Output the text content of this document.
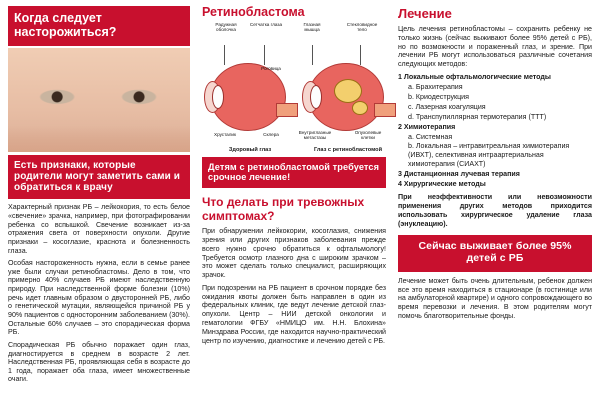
Когда следует насторожиться?
Есть признаки, которые родители могут заметить сами и обратиться к врачу

Характерный признак РБ – лейкокория, то есть белое «свечение» зрачка, например, при фотографировании ребенка со вспышкой. Свечение возникает из-за отражения света от поверхности опухоли. Другие признаки – косоглазие, краснота и болезненность глаза.

Особая настороженность нужна, если в семье ранее уже были случаи ретинобластомы. Дело в том, что примерно 40% случаев РБ имеют наследственную природу. При наследственной форме болезни (10%) речь идет главным образом о двусторонней РБ, либо о генетической мутации, являющейся причиной РБ у 90% пациентов с односторонним заболеванием (30%). Остальные 60% случаев – это спорадическая форма РБ.

Спорадическая РБ обычно поражает один глаз, диагностируется в среднем в возрасте 2 лет. Наследственная РБ, проявляющая себя в возрасте до 1 года, поражает оба глаза, имеет множественные очаги.

Ретинобластома
Радужная оболочка
Сетчатка глаза	Глазная мышца
Стекловидное тело
Роговица
Хрусталик	Склера	Внутриглазные метастазы
Опухолевые клетки
Здоровый глаз	Глаз с ретинобластомой
Детям с ретинобластомой требуется срочное лечение!
Что делать при тревожных симптомах?

При обнаружении лейкокории, косоглазия, снижения зрения или других признаков заболевания прежде всего нужно срочно обратиться к офтальмологу! Требуется осмотр глазного дна с широким зрачком – это может сделать только специалист, расширяющих зрачок.

При подозрении на РБ пациент в срочном порядке без ожидания квоты должен быть направлен в один из федеральных клиник, где ведут лечение детской глаз-опухоли. Центр – НИИ детской онкологии и гематологии ФГБУ «НМИЦО им. Н.Н. Блохина» Минздрава России, где находится научно-практический центр по изучению, диагностике и лечению детей с РБ.

Лечение

Цель лечения ретинобластомы – сохранить ребенку не только жизнь (сейчас выживают более 95% детей с РБ), но по возможности и пораженный глаз, и зрение. При лечении РБ могут использоваться различные сочетания следующих методов:

1 Локальные офтальмологические методы
a. Брахитерапия
b. Криодеструкция
c. Лазерная коагуляция
d. Транспупиллярная термотерапия (ТТТ)
2 Химиотерапия
a. Системная
b. Локальная – интравитреальная химиотерапия (ИВХТ), селективная интраартериальная химиотерапия (СИАХТ)
3 Дистанционная лучевая терапия
4 Хирургические методы
При неэффективности или невозможности применения других методов приходится использовать хирургическое удаление глаза (энуклеацию).
Сейчас выживает более 95% детей с РБ
Лечение может быть очень длительным, ребенок должен все это время находиться в стационаре (в гостинице или на амбулаторной квартире) и одного сопровождающего во время перевозки и лечения. В этом родителям могут помочь благотворительные фонды.
